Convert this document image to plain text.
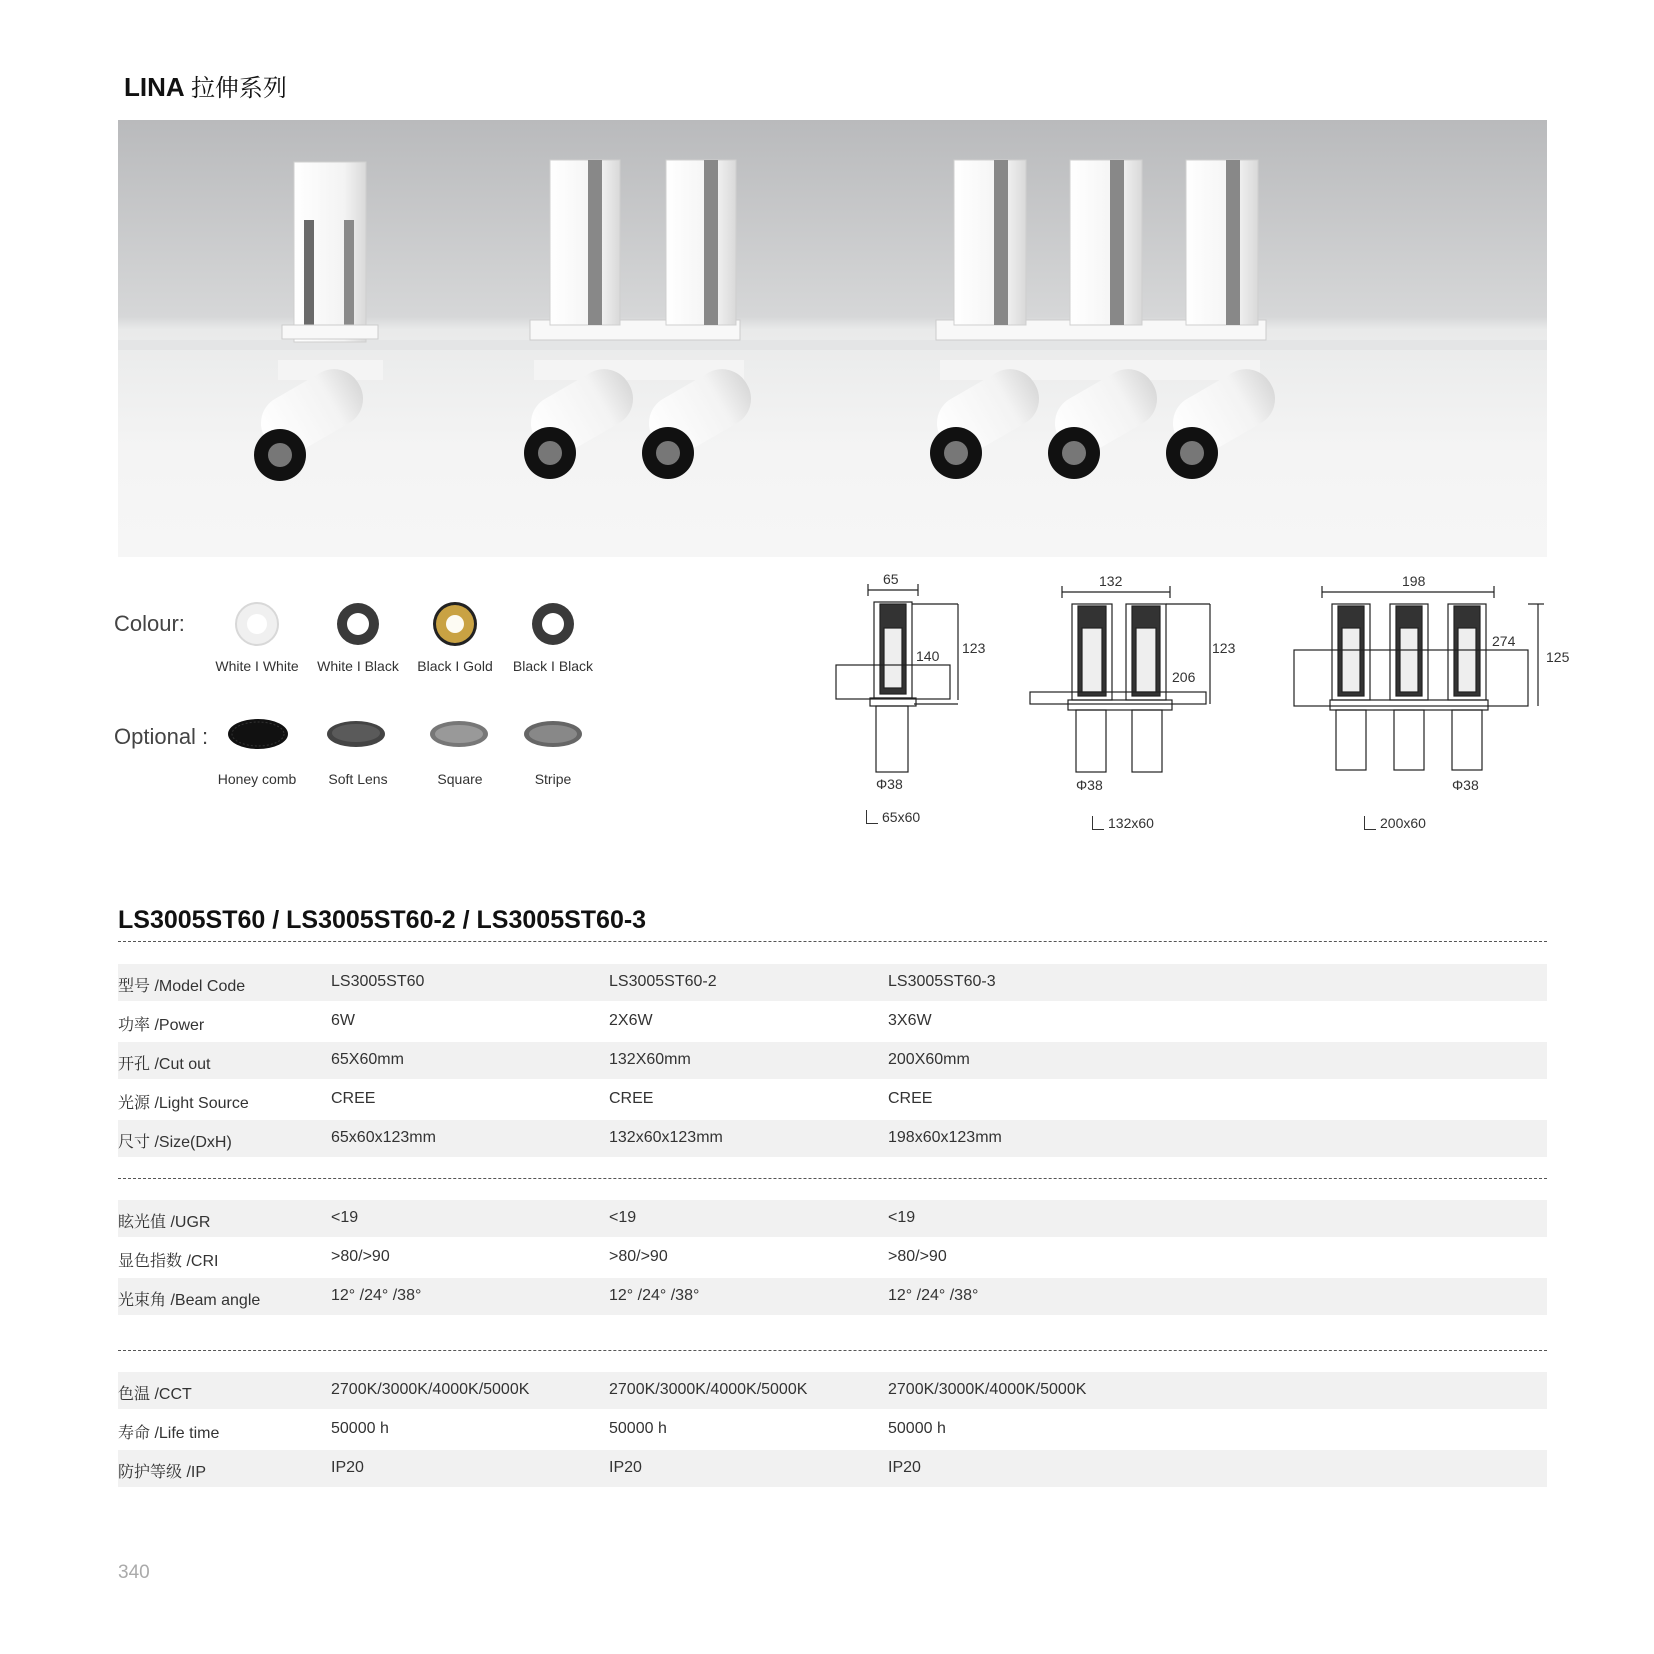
LINA 拉伸系列
Colour:
White I White	White I Black	Black I Gold	Black I Black
Optional :
Honey comb	Soft Lens	Square	Stripe
65
123
140
Φ38
65x60
132
123
206
Φ38
132x60
198
125
274
Φ38
200x60
LS3005ST60 / LS3005ST60-2 / LS3005ST60-3
型号 /Model Code	LS3005ST60	LS3005ST60-2	LS3005ST60-3
功率 /Power	6W	2X6W	3X6W
开孔 /Cut out	65X60mm	132X60mm	200X60mm
光源 /Light Source	CREE	CREE	CREE
尺寸 /Size(DxH)	65x60x123mm	132x60x123mm	198x60x123mm
眩光值 /UGR	<19	<19	<19
显色指数 /CRI	>80/>90	>80/>90	>80/>90
光束角 /Beam angle	12° /24° /38°	12° /24° /38°	12° /24° /38°
色温 /CCT	2700K/3000K/4000K/5000K	2700K/3000K/4000K/5000K	2700K/3000K/4000K/5000K
寿命 /Life time	50000 h	50000 h	50000 h
防护等级 /IP	IP20	IP20	IP20
340
